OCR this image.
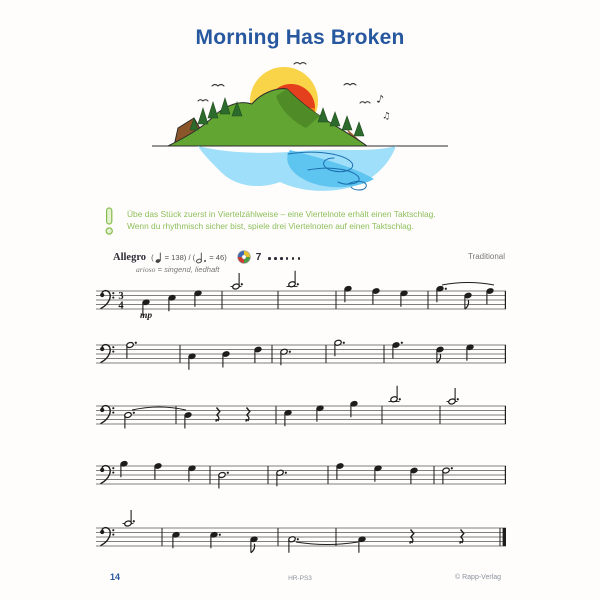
Morning Has Broken
♪
♫
Übe das Stück zuerst in Viertelzählweise – eine Viertelnote erhält einen Taktschlag.
Wenn du rhythmisch sicher bist, spiele drei Viertelnoten auf einen Taktschlag.
Allegro ( = 138) / ( = 46)	7	Traditional
arioso = singend, liedhaft
3
4
mp
14	HR-PS3	© Rapp-Verlag
